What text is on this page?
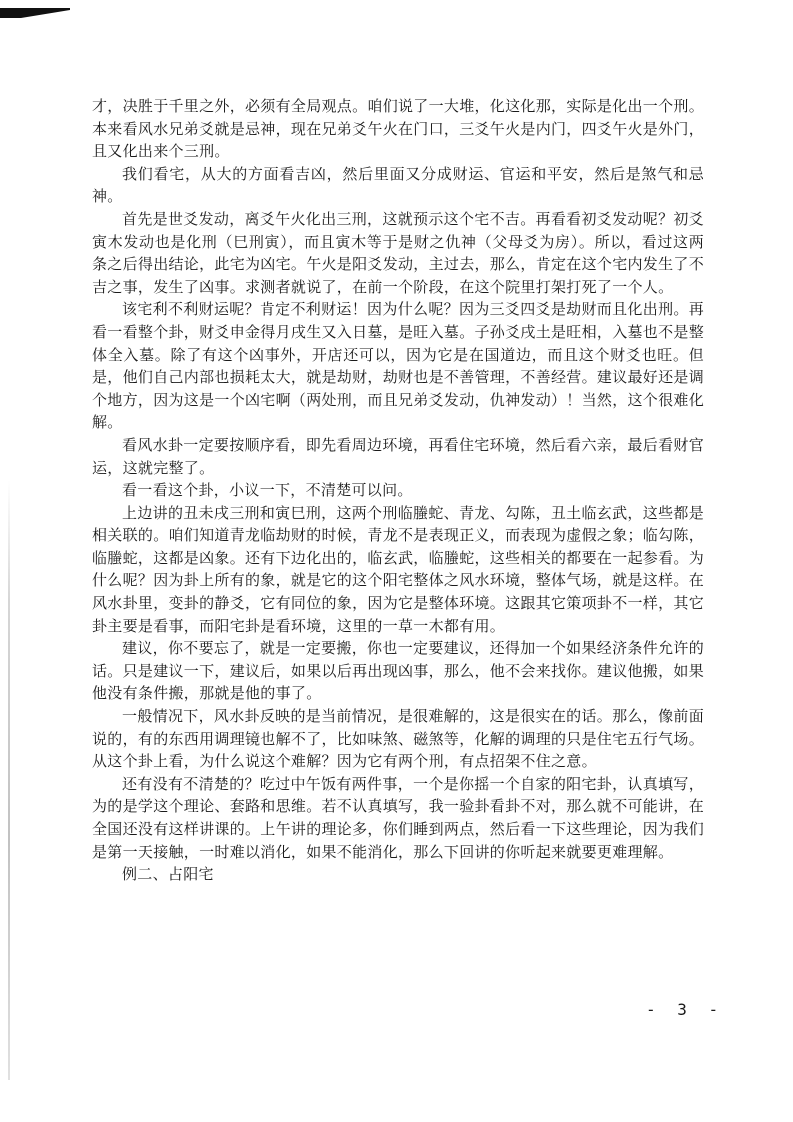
才，决胜于千里之外，必须有全局观点。咱们说了一大堆，化这化那，实际是化出一个刑。本来看风水兄弟爻就是忌神，现在兄弟爻午火在门口，三爻午火是内门，四爻午火是外门，且又化出来个三刑。

我们看宅，从大的方面看吉凶，然后里面又分成财运、官运和平安，然后是煞气和忌神。

首先是世爻发动，离爻午火化出三刑，这就预示这个宅不吉。再看看初爻发动呢？初爻寅木发动也是化刑（巳刑寅），而且寅木等于是财之仇神（父母爻为房）。所以，看过这两条之后得出结论，此宅为凶宅。午火是阳爻发动，主过去，那么，肯定在这个宅内发生了不吉之事，发生了凶事。求测者就说了，在前一个阶段，在这个院里打架打死了一个人。

该宅利不利财运呢？肯定不利财运！因为什么呢？因为三爻四爻是劫财而且化出刑。再看一看整个卦，财爻申金得月戌生又入日墓，是旺入墓。子孙爻戌土是旺相，入墓也不是整体全入墓。除了有这个凶事外，开店还可以，因为它是在国道边，而且这个财爻也旺。但是，他们自己内部也损耗太大，就是劫财，劫财也是不善管理，不善经营。建议最好还是调个地方，因为这是一个凶宅啊（两处刑，而且兄弟爻发动，仇神发动）！当然，这个很难化解。

看风水卦一定要按顺序看，即先看周边环境，再看住宅环境，然后看六亲，最后看财官运，这就完整了。

看一看这个卦，小议一下，不清楚可以问。

上边讲的丑未戌三刑和寅巳刑，这两个刑临螣蛇、青龙、勾陈，丑土临玄武，这些都是相关联的。咱们知道青龙临劫财的时候，青龙不是表现正义，而表现为虚假之象；临勾陈，临螣蛇，这都是凶象。还有下边化出的，临玄武，临螣蛇，这些相关的都要在一起参看。为什么呢？因为卦上所有的象，就是它的这个阳宅整体之风水环境，整体气场，就是这样。在风水卦里，变卦的静爻，它有同位的象，因为它是整体环境。这跟其它策项卦不一样，其它卦主要是看事，而阳宅卦是看环境，这里的一草一木都有用。

建议，你不要忘了，就是一定要搬，你也一定要建议，还得加一个如果经济条件允许的话。只是建议一下，建议后，如果以后再出现凶事，那么，他不会来找你。建议他搬，如果他没有条件搬，那就是他的事了。

一般情况下，风水卦反映的是当前情况，是很难解的，这是很实在的话。那么，像前面说的，有的东西用调理镜也解不了，比如味煞、磁煞等，化解的调理的只是住宅五行气场。从这个卦上看，为什么说这个难解？因为它有两个刑，有点招架不住之意。

还有没有不清楚的？吃过中午饭有两件事，一个是你摇一个自家的阳宅卦，认真填写，为的是学这个理论、套路和思维。若不认真填写，我一验卦看卦不对，那么就不可能讲，在全国还没有这样讲课的。上午讲的理论多，你们睡到两点，然后看一下这些理论，因为我们是第一天接触，一时难以消化，如果不能消化，那么下回讲的你听起来就要更难理解。

例二、占阳宅

- 3 -
